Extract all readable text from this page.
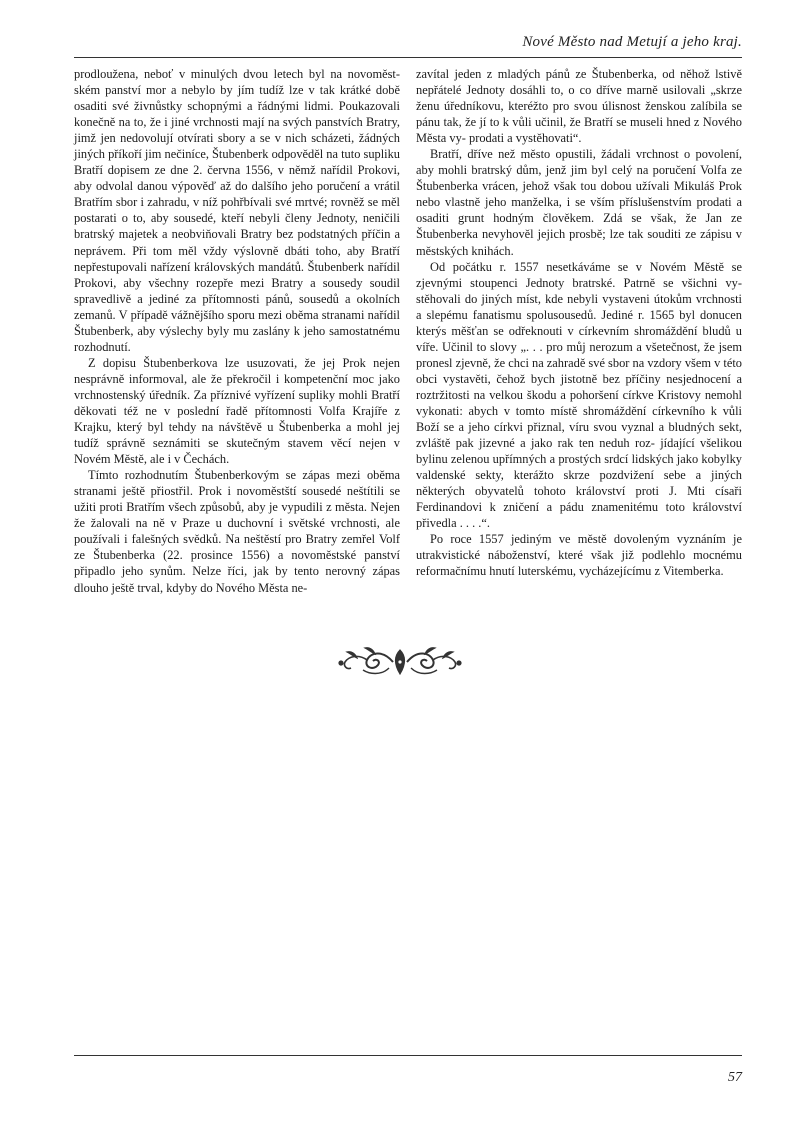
Nové Město nad Metují a jeho kraj.

prodloužena, neboť v minulých dvou letech byl na novoměstském panství mor a nebylo by jím tudíž lze v tak krátké době osaditi své živnůstky schopnými a řádnými lidmi. Poukazovali konečně na to, že i jiné vrchnosti mají na svých panstvích Bratry, jimž jen nedovolují otvírati sbory a se v nich scházeti, žádných jiných příkoří jim nečiníce, Štubenberk odpověděl na tuto supliku Bratří dopisem ze dne 2. června 1556, v němž nařídil Prokovi, aby odvolal danou výpověď až do dalšího jeho poručení a vrátil Bratřím sbor i zahradu, v níž pohřbívali své mrtvé; rovněž se měl postarati o to, aby sousedé, kteří nebyli členy Jednoty, neničili bratrský majetek a neobviňovali Bratry bez podstatných příčin a neprávem. Při tom měl vždy výslovně dbáti toho, aby Bratří nepřestupovali nařízení královských mandátů. Štubenberk nařídil Prokovi, aby všechny rozepře mezi Bratry a sousedy soudil spravedlivě a jediné za přítomnosti pánů, sousedů a okolních zemanů. V případě vážnějšího sporu mezi oběma stranami nařídil Štubenberk, aby výslechy byly mu zaslány k jeho samostatnému rozhodnutí.

Z dopisu Štubenberkova lze usuzovati, že jej Prok nejen nesprávně informoval, ale že překročil i kompetenční moc jako vrchnostenský úředník. Za příznivé vyřízení supliky mohli Bratří děkovati též ne v poslední řadě přítomnosti Volfa Krajíře z Krajku, který byl tehdy na návštěvě u Štubenberka a mohl jej tudíž správně seznámiti se skutečným stavem věcí nejen v Novém Městě, ale i v Čechách.

Tímto rozhodnutím Štubenberkovým se zápas mezi oběma stranami ještě přiostřil. Prok i novoměstští sousedé neštítili se užiti proti Bratřím všech způsobů, aby je vypudili z města. Nejen že žalovali na ně v Praze u duchovní i světské vrchnosti, ale používali i falešných svědků. Na neštěstí pro Bratry zemřel Volf ze Štubenberka (22. prosince 1556) a novoměstské panství připadlo jeho synům. Nelze říci, jak by tento nerovný zápas dlouho ještě trval, kdyby do Nového Města ne-

zavítal jeden z mladých pánů ze Štubenberka, od něhož lstivě nepřátelé Jednoty dosáhli to, o co dříve marně usilovali „skrze ženu úředníkovu, kteréžto pro svou úlisnost ženskou zalíbila se pánu tak, že jí to k vůli učinil, že Bratří se museli hned z Nového Města vy- prodati a vystěhovati“.

Bratří, dříve než město opustili, žádali vrchnost o povolení, aby mohli bratrský dům, jenž jim byl celý na poručení Volfa ze Štubenberka vrácen, jehož však tou dobou užívali Mikuláš Prok nebo vlastně jeho manželka, i se vším příslušenstvím prodati a osaditi grunt hodným člověkem. Zdá se však, že Jan ze Štubenberka nevyhověl jejich prosbě; lze tak souditi ze zápisu v městských knihách.

Od počátku r. 1557 nesetkáváme se v Novém Městě se zjevnými stoupenci Jednoty bratrské. Patrně se všichni vystěhovali do jiných míst, kde nebyli vystaveni útokům vrchnosti a slepému fanatismu spolusousedů. Jediné r. 1565 byl donucen kterýs měšťan se odřeknouti v církevním shromáždění bludů u víře. Učinil to slovy „. . . pro můj nerozum a všetečnost, že jsem pronesl zjevně, že chci na zahradě své sbor na vzdory všem v této obci vystavěti, čehož bych jistotně bez příčiny nesjednocení a roztržitosti na velkou škodu a pohoršení církve Kristovy nemohl vykonati: abych v tomto místě shromáždění církevního k vůli Boží se a jeho církvi přiznal, víru svou vyznal a bludných sekt, zvláště pak jizevné a jako rak ten neduh roz- jídající všelikou bylinu zelenou upřímných a prostých srdcí lidských jako kobylky valdenské sekty, kterážto skrze pozdvižení sebe a jiných některých obyvatelů tohoto království proti J. Mti císaři Ferdinandovi k zničení a pádu znamenitému toto království přivedla . . . .“.

Po roce 1557 jediným ve městě dovoleným vyznáním je utrakvistické náboženství, které však již podlehlo mocnému reformačnímu hnutí luterskému, vycházejícímu z Vitemberka.

57
